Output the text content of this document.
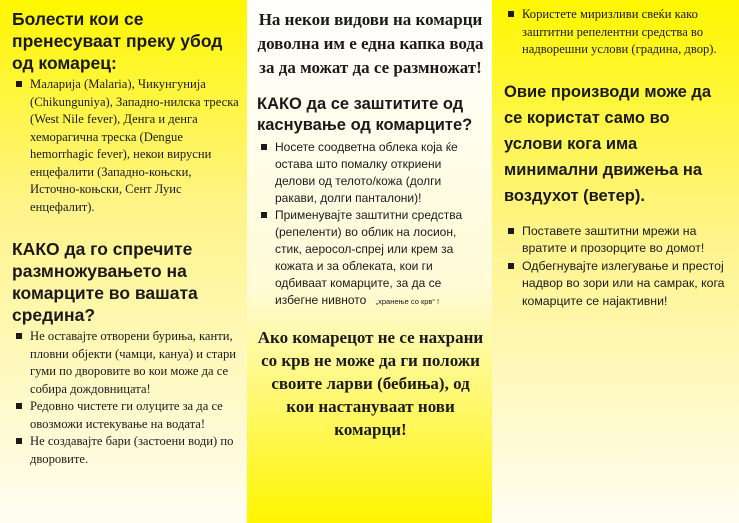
Болести кои се пренесуваат преку убод од комарец:

Маларија (Malaria), Чикунгунија (Chikunguniya), Западно-нилска треска (West Nile fever), Денга и денга хеморагична треска (Dengue hemorrhagic fever), некои вирусни енцефалити (Западно-коњски, Источно-коњски, Сент Луис енцефалит).

КАКО да го спречите размножувањето на комарците во вашата средина?

Не оставајте отворени буриња, канти, пловни објекти (чамци, кануа) и стари гуми по дворовите во кои може да се собира дождовницата!
Редовно чистете ги олуците за да се овозможи истекување на водата!
Не создавајте бари (застоени води) по дворовите.

На некои видови на комарци доволна им е една капка вода за да можат да се размножат!

КАКО да се заштитите од каснување од комарците?

Носете соодветна облека која ќе остава што помалку откриени делови од телото/кожа (долги ракави, долги панталони)!
Применувајте заштитни средства (репеленти) во облик на лосион, стик, аеросол-спреј или крем за кожата и за облеката, кои ги одбиваат комарците, за да се избегне нивното „хранење со крв“ !

Ако комарецот не се нахрани со крв не може да ги положи своите ларви (бебиња), од кои настануваат нови комарци!

Користете миризливи свеќи како заштитни репелентни средства во надворешни услови (градина, двор).

Овие производи може да се користат само во услови кога има минимални движења на воздухот (ветер).

Поставете заштитни мрежи на вратите и прозорците во домот!
Одбегнувајте излегување и престој надвор во зори или на самрак, кога комарците се најактивни!
